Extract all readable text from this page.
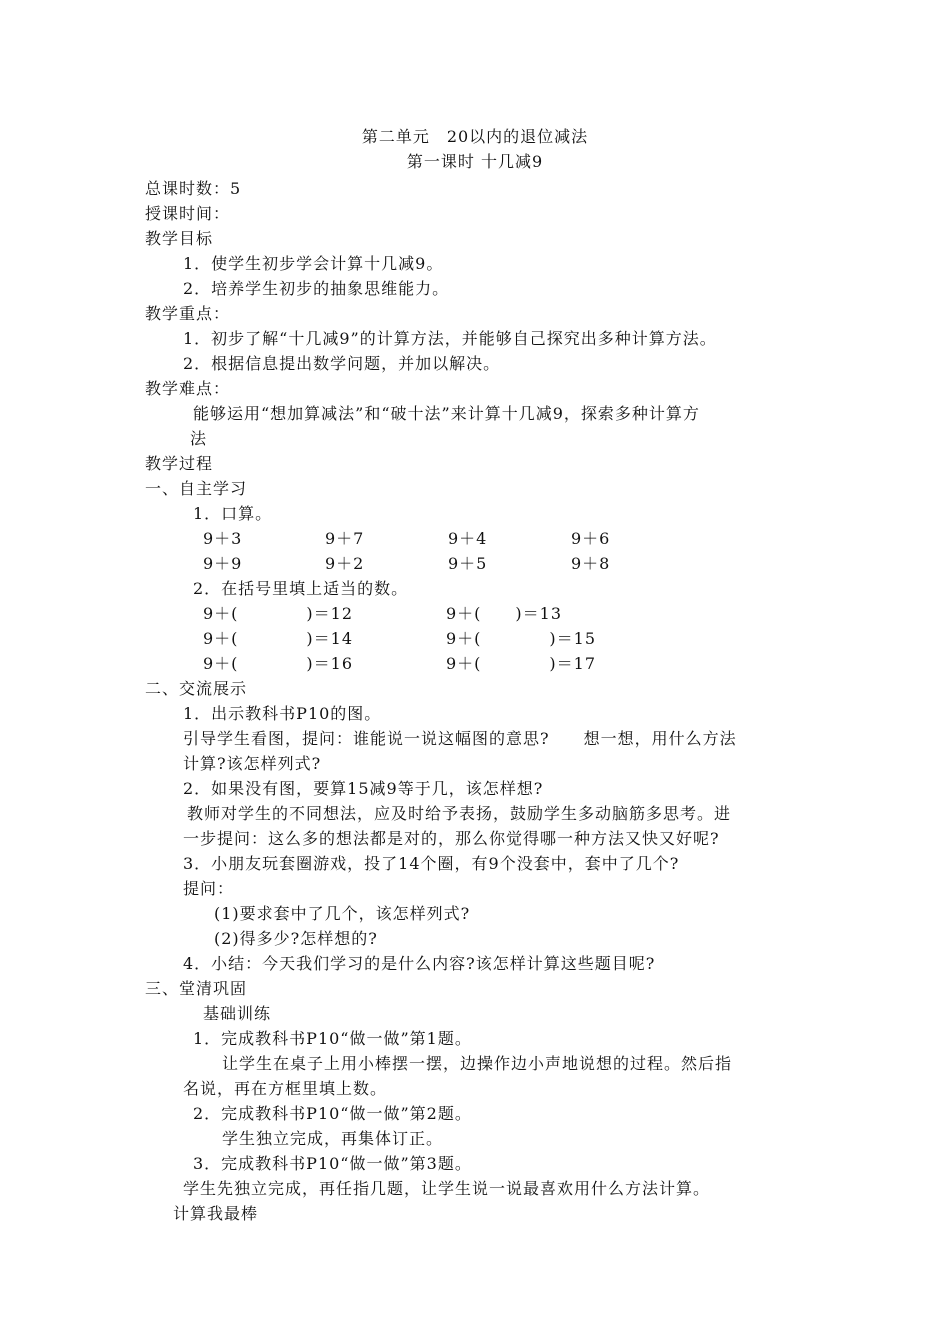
第二单元　20以内的退位减法
第一课时 十几减9
总课时数：5
授课时间：
教学目标
1．使学生初步学会计算十几减9。
2．培养学生初步的抽象思维能力。
教学重点：
1．初步了解“十几减9”的计算方法，并能够自己探究出多种计算方法。
2．根据信息提出数学问题，并加以解决。
教学难点：
能够运用“想加算减法”和“破十法”来计算十几减9，探索多种计算方
法
教学过程
一、自主学习
1．口算。
9＋3	9＋7	9＋4	9＋6
9＋9	9＋2	9＋5	9＋8
2．在括号里填上适当的数。
9＋(　　　　)＝12	9＋(　　)＝13
9＋(　　　　)＝14	9＋(　　　　)＝15
9＋(　　　　)＝16	9＋(　　　　)＝17
二、交流展示
1．出示教科书P10的图。
引导学生看图，提问：谁能说一说这幅图的意思?　　想一想，用什么方法
计算?该怎样列式?
2．如果没有图，要算15减9等于几，该怎样想?
教师对学生的不同想法，应及时给予表扬，鼓励学生多动脑筋多思考。进
一步提问：这么多的想法都是对的，那么你觉得哪一种方法又快又好呢?
3．小朋友玩套圈游戏，投了14个圈，有9个没套中，套中了几个?
提问：
(1)要求套中了几个，该怎样列式?
(2)得多少?怎样想的?
4．小结：今天我们学习的是什么内容?该怎样计算这些题目呢?
三、堂清巩固
基础训练
1．完成教科书P10“做一做”第1题。
让学生在桌子上用小棒摆一摆，边操作边小声地说想的过程。然后指
名说，再在方框里填上数。
2．完成教科书P10“做一做”第2题。
学生独立完成，再集体订正。
3．完成教科书P10“做一做”第3题。
学生先独立完成，再任指几题，让学生说一说最喜欢用什么方法计算。
计算我最棒
